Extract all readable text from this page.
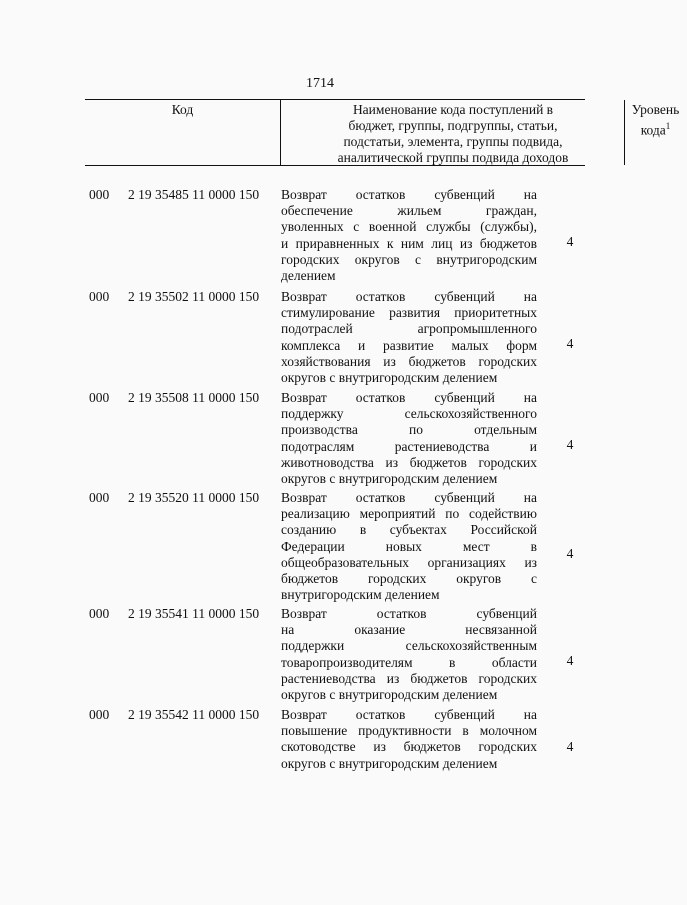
1714
Код	Наименование кода поступлений в
бюджет, группы, подгруппы, статьи,
подстатьи, элемента, группы подвида,
аналитической группы подвида доходов
Уровень
кода$^1$
000	2 19 35485 11 0000 150	Возврат остатков субвенций на
обеспечение жильем граждан,
уволенных с военной службы (службы),
и приравненных к ним лиц из бюджетов
городских округов с внутригородским
делением
4
000	2 19 35502 11 0000 150	Возврат остатков субвенций на
стимулирование развития приоритетных
подотраслей агропромышленного
комплекса и развитие малых форм
хозяйствования из бюджетов городских
округов с внутригородским делением
4
000	2 19 35508 11 0000 150	Возврат остатков субвенций на
поддержку сельскохозяйственного
производства по отдельным
подотраслям растениеводства и
животноводства из бюджетов городских
округов с внутригородским делением
4
000	2 19 35520 11 0000 150	Возврат остатков субвенций на
реализацию мероприятий по содействию
созданию в субъектах Российской
Федерации новых мест в
общеобразовательных организациях из
бюджетов городских округов с
внутригородским делением
4
000	2 19 35541 11 0000 150	Возврат остатков субвенций
на оказание несвязанной
поддержки сельскохозяйственным
товаропроизводителям в области
растениеводства из бюджетов городских
округов с внутригородским делением
4
000	2 19 35542 11 0000 150	Возврат остатков субвенций на
повышение продуктивности в молочном
скотоводстве из бюджетов городских
округов с внутригородским делением
4
